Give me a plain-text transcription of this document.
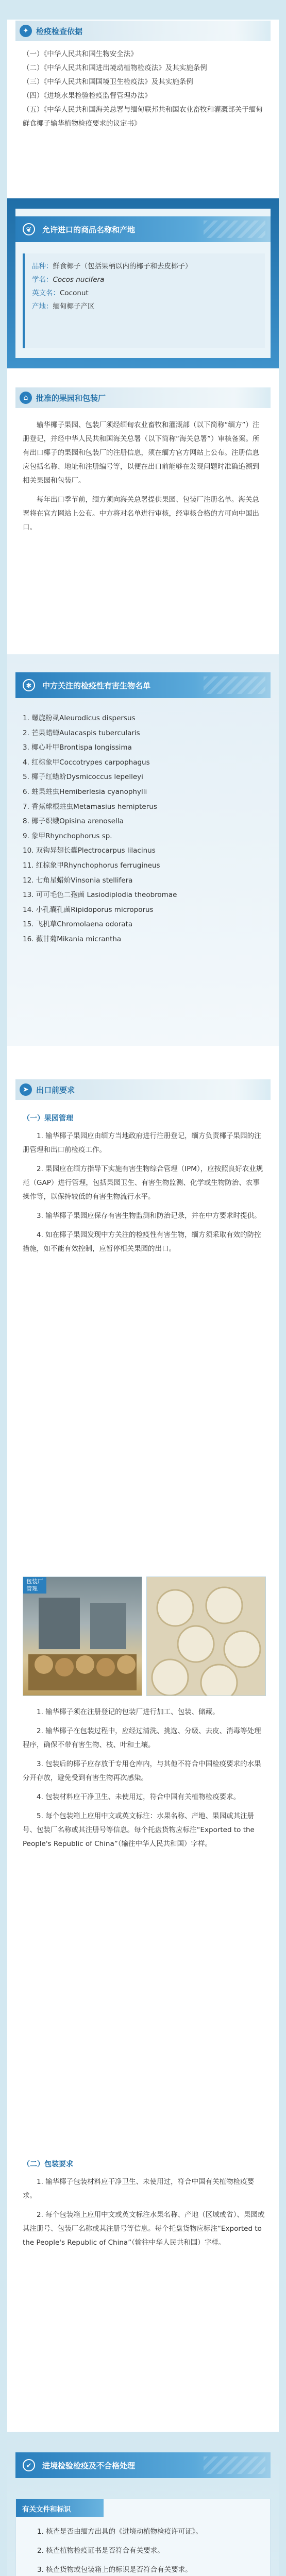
✦ 检疫检查依据
（一）《中华人民共和国生物安全法》
（二）《中华人民共和国进出境动植物检疫法》及其实施条例
（三）《中华人民共和国国境卫生检疫法》及其实施条例
（四）《进境水果检验检疫监督管理办法》
（五）《中华人民共和国海关总署与缅甸联邦共和国农业畜牧和灌溉部关于缅甸鲜食椰子输华植物检疫要求的议定书》
❦	允许进口的商品名称和产地
品种：鲜食椰子（包括果柄以内的椰子和去皮椰子）
学名：Cocos nucifera
英文名：Coconut
产地：缅甸椰子产区
⌂	批准的果园和包装厂

输华椰子果园、包装厂须经缅甸农业畜牧和灌溉部（以下简称“缅方”）注册登记，并经中华人民共和国海关总署（以下简称“海关总署”）审核备案。所有出口椰子的果园和包装厂的注册信息，须在缅方官方网站上公布。注册信息应包括名称、地址和注册编号等，以便在出口前能够在发现问题时准确追溯到相关果园和包装厂。

每年出口季节前，缅方须向海关总署提供果园、包装厂注册名单。海关总署将在官方网站上公布。中方将对名单进行审核，经审核合格的方可向中国出口。

✱	中方关注的检疫性有害生物名单
1. 螺旋粉虱Aleurodicus dispersus
2. 芒果蜡蝉Aulacaspis tubercularis
3. 椰心叶甲Brontispa longissima
4. 红棕象甲Coccotrypes carpophagus
5. 椰子红蜡蚧Dysmicoccus lepelleyi
6. 蛀果蛀虫Hemiberlesia cyanophylli
7. 香蕉球根蛀虫Metamasius hemipterus
8. 椰子织蛾Opisina arenosella
9. 象甲Rhynchophorus sp.
10. 双钩异翅长蠹Plectrocarpus lilacinus
11. 红棕象甲Rhynchophorus ferrugineus
12. 七角星蜡蚧Vinsonia stellifera
13. 可可毛色二孢菌 Lasiodiplodia theobromae
14. 小孔囊孔菌Ripidoporus microporus
15. 飞机草Chromolaena odorata
16. 薇甘菊Mikania micrantha
➤ 出口前要求
（一）果园管理

1. 输华椰子果园应由缅方当地政府进行注册登记，缅方负责椰子果园的注册管理和出口前检疫工作。

2. 果园应在缅方指导下实施有害生物综合管理（IPM），应按照良好农业规范（GAP）进行管理，包括果园卫生、有害生物监测、化学或生物防治、农事操作等，以保持较低的有害生物流行水平。

3. 输华椰子果园应保存有害生物监测和防治记录，并在中方要求时提供。

4. 如在椰子果园发现中方关注的检疫性有害生物，缅方须采取有效的防控措施，如不能有效控制，应暂停相关果园的出口。

包装厂
管理

1. 输华椰子须在注册登记的包装厂进行加工、包装、储藏。

2. 输华椰子在包装过程中，应经过清洗、挑选、分级、去皮、消毒等处理程序，确保不带有害生物、枝、叶和土壤。

3. 包装后的椰子应存放于专用仓库内，与其他不符合中国检疫要求的水果分开存放，避免受到有害生物再次感染。

4. 包装材料应干净卫生、未使用过，符合中国有关植物检疫要求。

5. 每个包装箱上应用中文或英文标注：水果名称、产地、果园或其注册号、包装厂名称或其注册号等信息。每个托盘货物应标注“Exported to the People's Republic of China”（输往中华人民共和国）字样。

（二）包装要求

1. 输华椰子包装材料应干净卫生、未使用过，符合中国有关植物检疫要求。

2. 每个包装箱上应用中文或英文标注水果名称、产地（区域或省）、果园或其注册号、包装厂名称或其注册号等信息。每个托盘货物应标注“Exported to the People's Republic of China”（输往中华人民共和国）字样。

✔	进境检验检疫及不合格处理
有关文件和标识

1. 核查是否由缅方出具的《进境动植物检疫许可证》。

2. 核查植物检疫证书是否符合有关要求。

3. 核查货物或包装箱上的标识是否符合有关要求。
